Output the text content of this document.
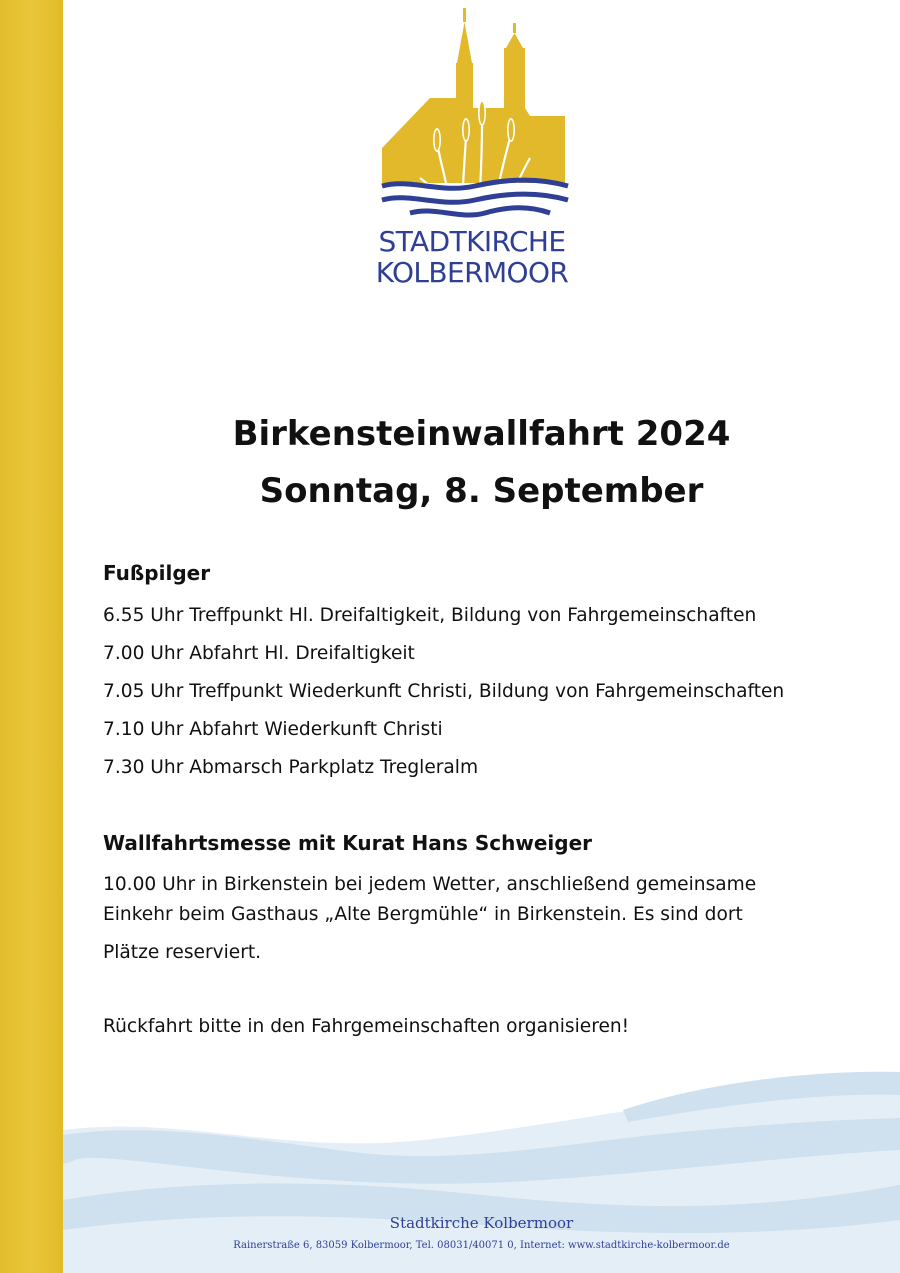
STADTKIRCHE
KOLBERMOOR
Birkensteinwallfahrt 2024
Sonntag, 8. September
Fußpilger
6.55 Uhr Treffpunkt Hl. Dreifaltigkeit, Bildung von Fahrgemeinschaften
7.00 Uhr Abfahrt Hl. Dreifaltigkeit
7.05 Uhr Treffpunkt Wiederkunft Christi, Bildung von Fahrgemeinschaften
7.10 Uhr Abfahrt Wiederkunft Christi
7.30 Uhr Abmarsch Parkplatz Tregleralm
Wallfahrtsmesse mit Kurat Hans Schweiger

10.00 Uhr in Birkenstein bei jedem Wetter, anschließend gemeinsame
Einkehr beim Gasthaus „Alte Bergmühle“ in Birkenstein. Es sind dort
Plätze reserviert.

Rückfahrt bitte in den Fahrgemeinschaften organisieren!

Stadtkirche Kolbermoor
Rainerstraße 6, 83059 Kolbermoor, Tel. 08031/40071 0, Internet: www.stadtkirche-kolbermoor.de
